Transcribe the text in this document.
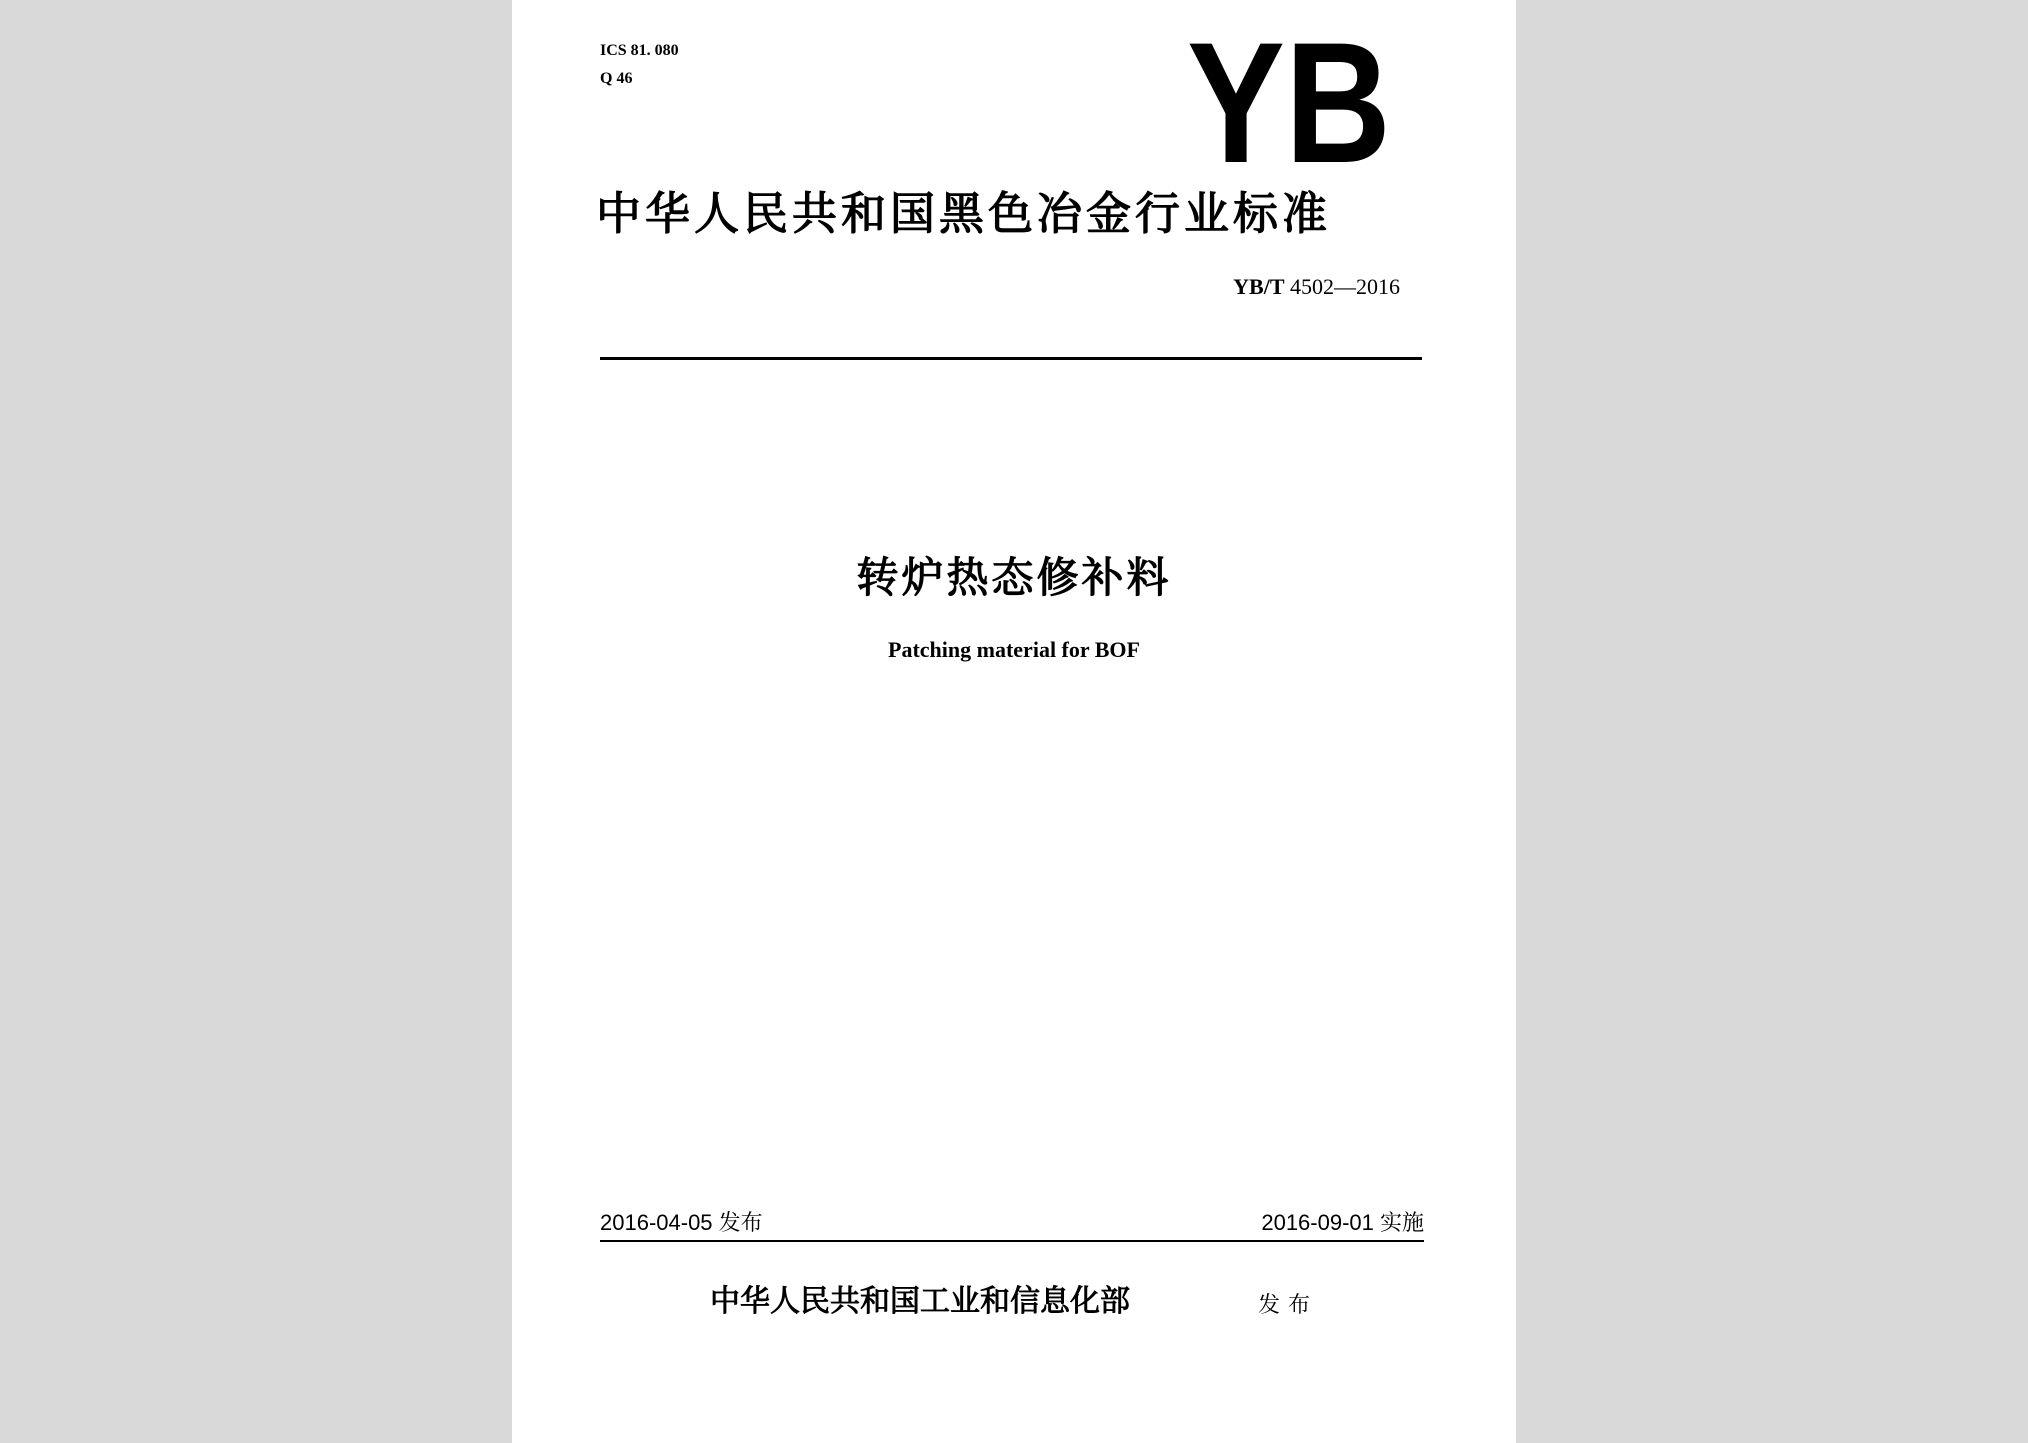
ICS 81. 080
Q 46	YB
中华人民共和国黑色冶金行业标准
YB/T 4502—2016
转炉热态修补料
Patching material for BOF
2016-04-05 发布	2016-09-01 实施
中华人民共和国工业和信息化部	发布
